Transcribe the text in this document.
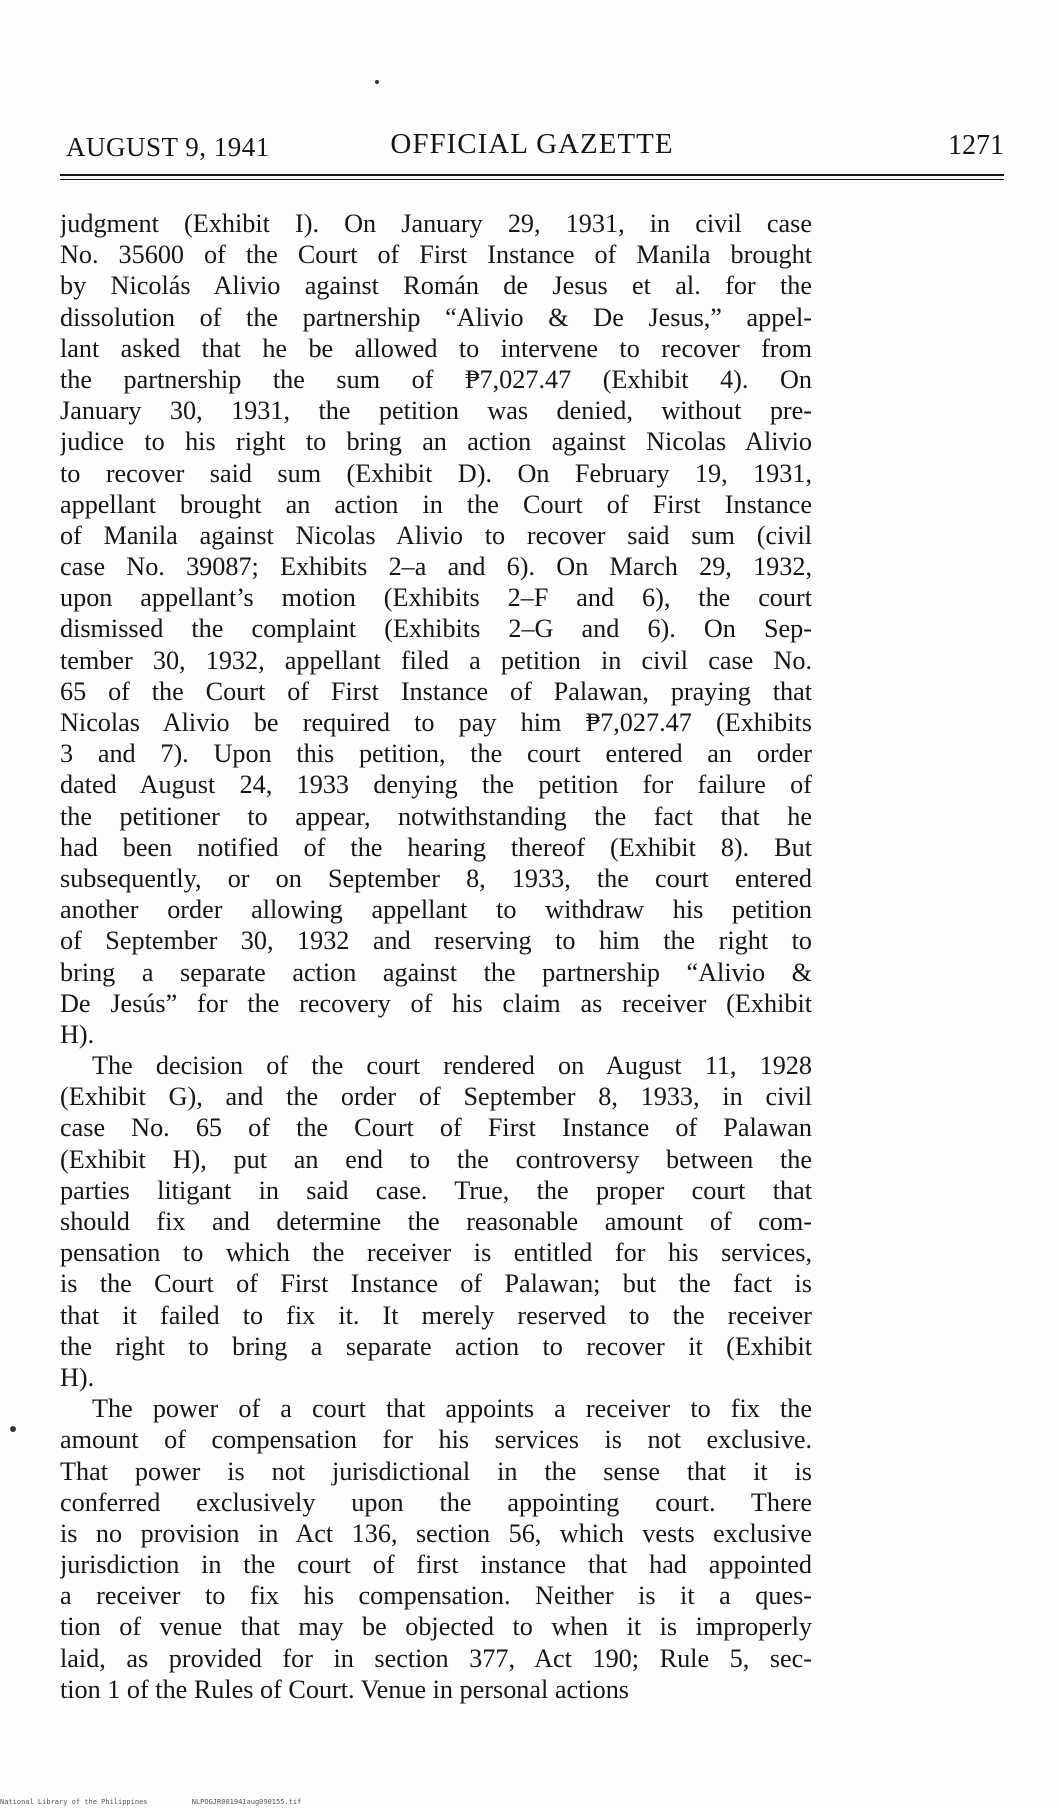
AUGUST 9, 1941	OFFICIAL GAZETTE	1271
judgment (Exhibit I). On January 29, 1931, in civil case
No. 35600 of the Court of First Instance of Manila brought
by Nicolás Alivio against Román de Jesus et al. for the
dissolution of the partnership “Alivio & De Jesus,” appel-
lant asked that he be allowed to intervene to recover from
the partnership the sum of ₱7,027.47 (Exhibit 4). On
January 30, 1931, the petition was denied, without pre-
judice to his right to bring an action against Nicolas Alivio
to recover said sum (Exhibit D). On February 19, 1931,
appellant brought an action in the Court of First Instance
of Manila against Nicolas Alivio to recover said sum (civil
case No. 39087; Exhibits 2–a and 6). On March 29, 1932,
upon appellant’s motion (Exhibits 2–F and 6), the court
dismissed the complaint (Exhibits 2–G and 6). On Sep-
tember 30, 1932, appellant filed a petition in civil case No.
65 of the Court of First Instance of Palawan, praying that
Nicolas Alivio be required to pay him ₱7,027.47 (Exhibits
3 and 7). Upon this petition, the court entered an order
dated August 24, 1933 denying the petition for failure of
the petitioner to appear, notwithstanding the fact that he
had been notified of the hearing thereof (Exhibit 8). But
subsequently, or on September 8, 1933, the court entered
another order allowing appellant to withdraw his petition
of September 30, 1932 and reserving to him the right to
bring a separate action against the partnership “Alivio &
De Jesús” for the recovery of his claim as receiver (Exhibit
H).
The decision of the court rendered on August 11, 1928
(Exhibit G), and the order of September 8, 1933, in civil
case No. 65 of the Court of First Instance of Palawan
(Exhibit H), put an end to the controversy between the
parties litigant in said case. True, the proper court that
should fix and determine the reasonable amount of com-
pensation to which the receiver is entitled for his services,
is the Court of First Instance of Palawan; but the fact is
that it failed to fix it. It merely reserved to the receiver
the right to bring a separate action to recover it (Exhibit
H).
The power of a court that appoints a receiver to fix the
amount of compensation for his services is not exclusive.
That power is not jurisdictional in the sense that it is
conferred exclusively upon the appointing court. There
is no provision in Act 136, section 56, which vests exclusive
jurisdiction in the court of first instance that had appointed
a receiver to fix his compensation. Neither is it a ques-
tion of venue that may be objected to when it is improperly
laid, as provided for in section 377, Act 190; Rule 5, sec-
tion 1 of the Rules of Court. Venue in personal actions
National Library of the Philippines	NLPOGJR001941aug090155.tif
